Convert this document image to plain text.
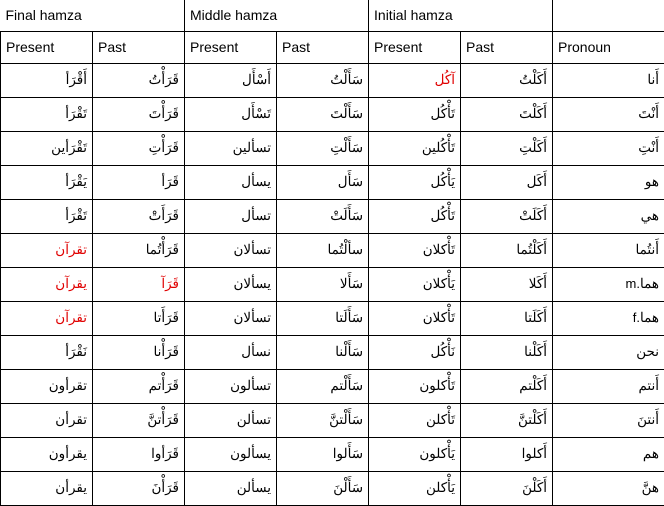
Final hamza		Middle hamza		Initial hamza		
Present	Past	Present	Past	Present	Past	Pronoun
أَقْرَأ	قَرَأْتُ	أَسْأَل	سَأَلْتُ	آكُل	أَكَلْتُ	أَنا
تَقْرَأ	قَرَأْتَ	تَسْأَل	سَأَلْتَ	تَأْكُل	أَكَلْتَ	أَنْتَ
تَقْرَأين	قَرَأْتِ	تسألين	سَأَلْتِ	تَأْكُلين	أَكَلْتِ	أَنْتِ
يَقْرَأ	قَرَأ	يسأل	سَأَل	يَأْكُل	أَكَل	هو
تَقْرَأ	قَرَأَتْ	تسأل	سَأَلَتْ	تَأْكُل	أَكَلَتْ	هي
تقرآن	قَرَأْتُما	تسألان	سألْتُما	تَأْكلان	أَكَلْتُما	أَنتُما
يقرآن	قَرَآ	يسألان	سَأَلا	يَأْكلان	أَكَلا	هما m.
تقرآن	قَرَأَتا	تسألان	سَأَلَتا	تَأْكلان	أَكَلَتا	هما f.
نَقْرَأ	قَرَأْنا	نسأل	سَأَلْنا	نَأْكُل	أَكَلْنا	نحن
تقرأون	قَرَأْتم	تسألون	سَأَلْتم	تَأْكلون	أَكَلْتم	أَنتم
تقرأن	قَرَأْتنَّ	تسألن	سَأَلْتنَّ	تَأْكلن	أَكَلْتنَّ	أَنتنَ
يقرأون	قَرَأوا	يسألون	سَأَلوا	يَأْكلون	أَكلوا	هم
يقرأن	قَرَأْنَ	يسألن	سَأَلْنَ	يَأْكلن	أَكَلْنَ	هنَّ
